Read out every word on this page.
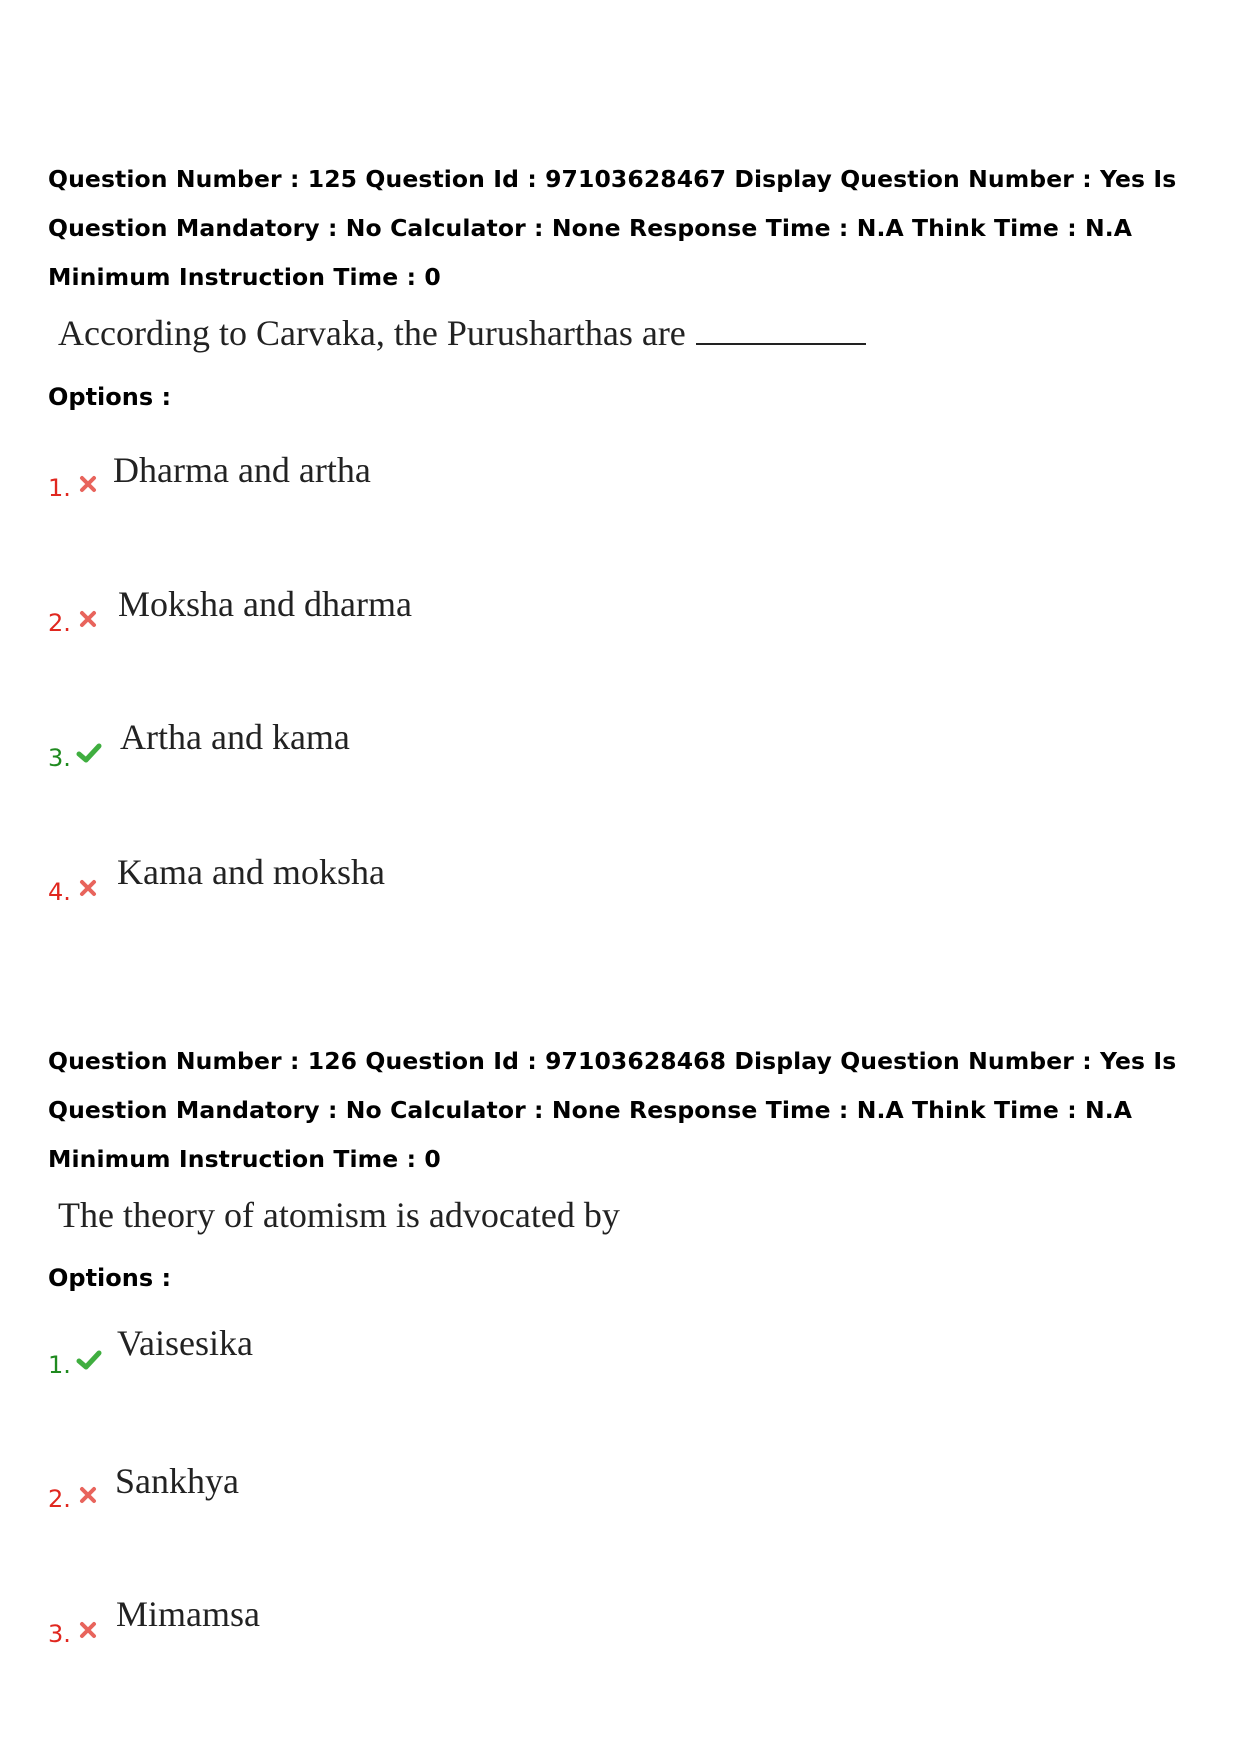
Question Number : 125 Question Id : 97103628467 Display Question Number : Yes Is Question Mandatory : No Calculator : None Response Time : N.A Think Time : N.A Minimum Instruction Time : 0
According to Carvaka, the Purusharthas are
Options :
1. Dharma and artha
2. Moksha and dharma
3.
Artha and kama
4. Kama and moksha
Question Number : 126 Question Id : 97103628468 Display Question Number : Yes Is Question Mandatory : No Calculator : None Response Time : N.A Think Time : N.A Minimum Instruction Time : 0
The theory of atomism is advocated by
Options :
1.
Vaisesika
2. Sankhya
3. Mimamsa
